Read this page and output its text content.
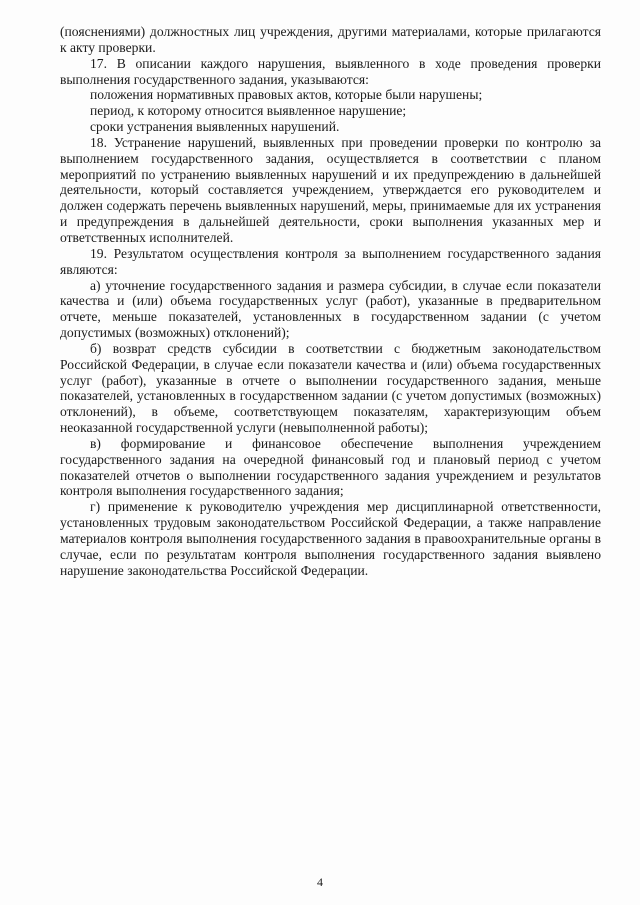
(пояснениями) должностных лиц учреждения, другими материалами, которые прилагаются к акту проверки.

17. В описании каждого нарушения, выявленного в ходе проведения проверки выполнения государственного задания, указываются:

положения нормативных правовых актов, которые были нарушены;

период, к которому относится выявленное нарушение;

сроки устранения выявленных нарушений.

18. Устранение нарушений, выявленных при проведении проверки по контролю за выполнением государственного задания, осуществляется в соответствии с планом мероприятий по устранению выявленных нарушений и их предупреждению в дальнейшей деятельности, который составляется учреждением, утверждается его руководителем и должен содержать перечень выявленных нарушений, меры, принимаемые для их устранения и предупреждения в дальнейшей деятельности, сроки выполнения указанных мер и ответственных исполнителей.

19. Результатом осуществления контроля за выполнением государственного задания являются:

а) уточнение государственного задания и размера субсидии, в случае если показатели качества и (или) объема государственных услуг (работ), указанные в предварительном отчете, меньше показателей, установленных в государственном задании (с учетом допустимых (возможных) отклонений);

б) возврат средств субсидии в соответствии с бюджетным законодательством Российской Федерации, в случае если показатели качества и (или) объема государственных услуг (работ), указанные в отчете о выполнении государственного задания, меньше показателей, установленных в государственном задании (с учетом допустимых (возможных) отклонений), в объеме, соответствующем показателям, характеризующим объем неоказанной государственной услуги (невыполненной работы);

в) формирование и финансовое обеспечение выполнения учреждением государственного задания на очередной финансовый год и плановый период с учетом показателей отчетов о выполнении государственного задания учреждением и результатов контроля выполнения государственного задания;

г) применение к руководителю учреждения мер дисциплинарной ответственности, установленных трудовым законодательством Российской Федерации, а также направление материалов контроля выполнения государственного задания в правоохранительные органы в случае, если по результатам контроля выполнения государственного задания выявлено нарушение законодательства Российской Федерации.

4
